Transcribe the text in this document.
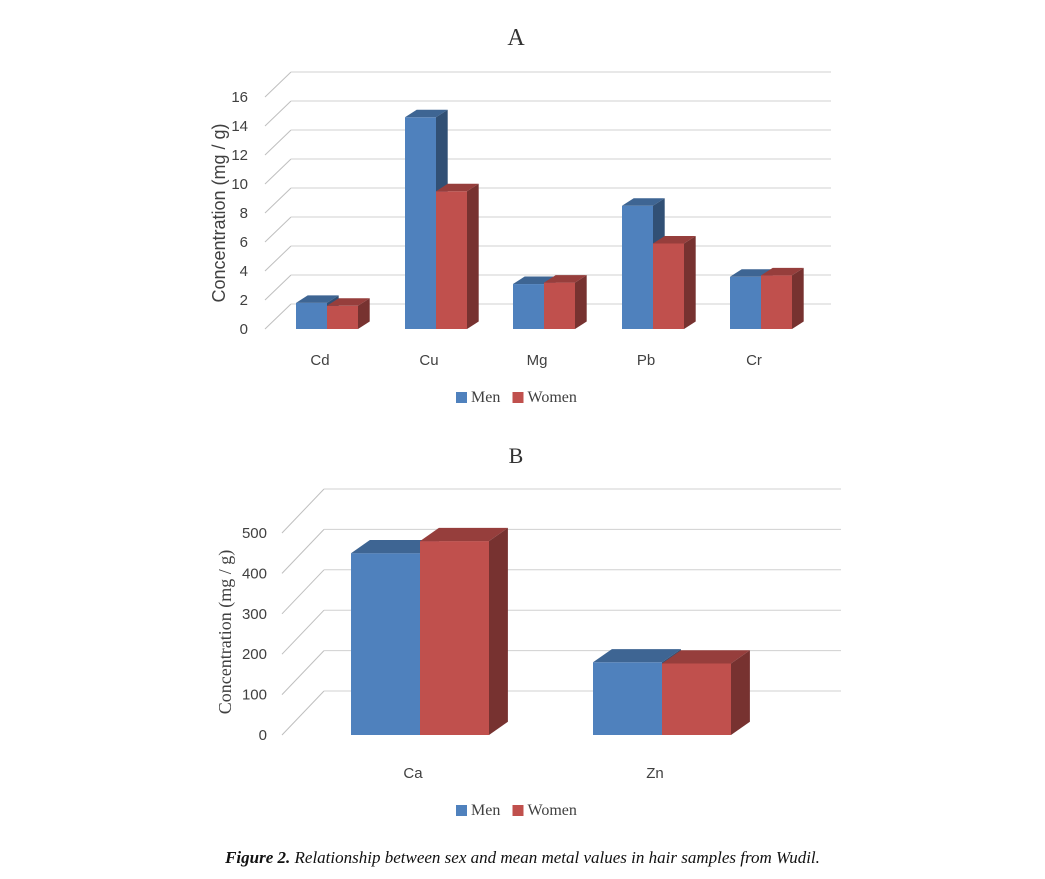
A
0
2
4
6
8
10
12
14
16
Concentration (mg / g)
Cd	Cu	Mg	Pb	Cr
Men Women
B
0
100
200
300
400
500
Concentration (mg / g)
Ca	Zn
Men Women
Figure 2. Relationship between sex and mean metal values in hair samples from Wudil.
